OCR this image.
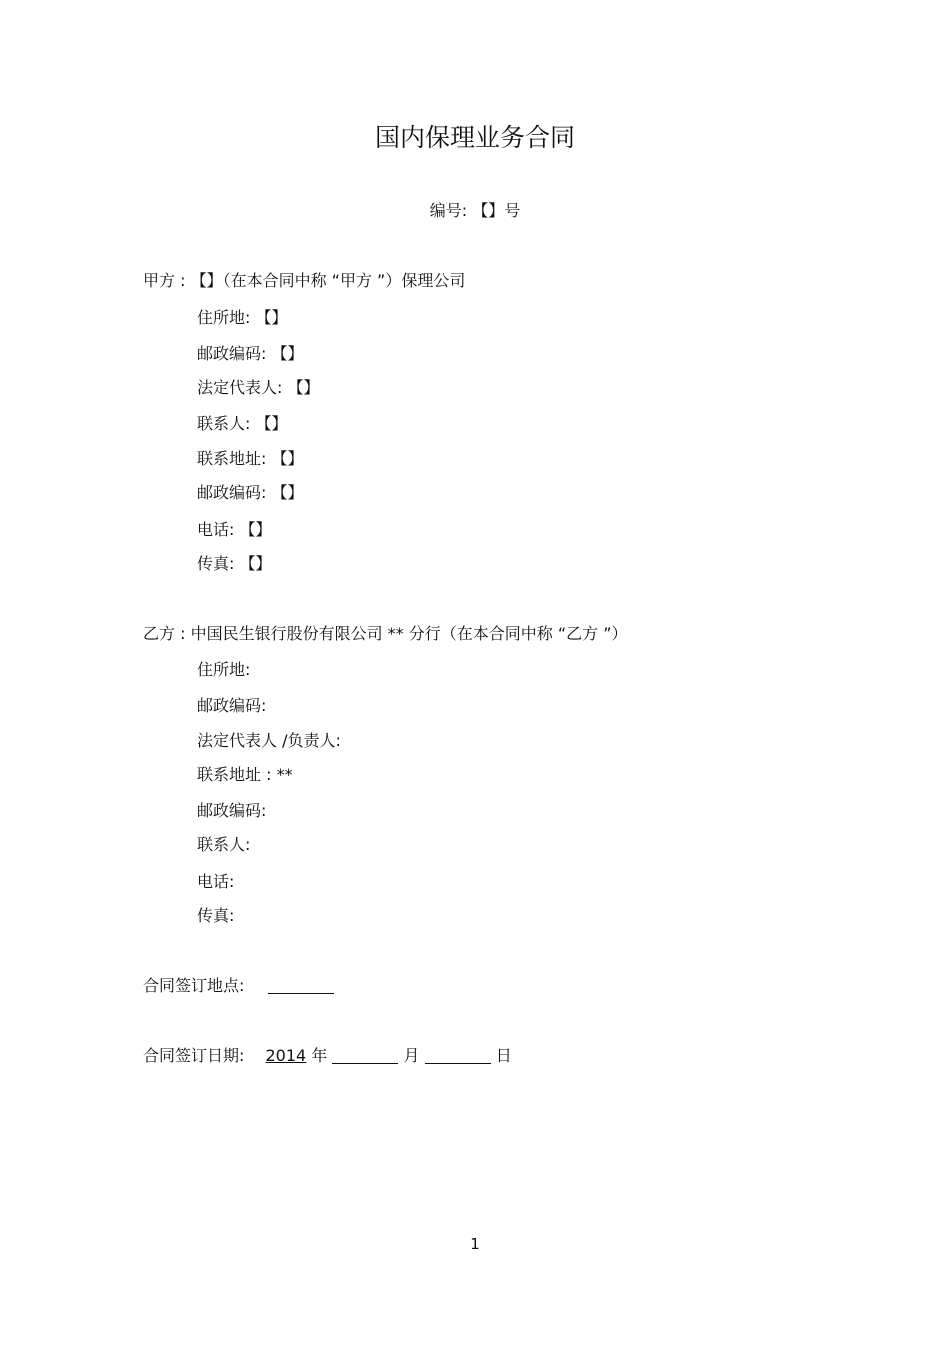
国内保理业务合同
编号: 【】号
甲方 : 【】（在本合同中称 “甲方 ”）保理公司
住所地: 【】
邮政编码: 【】
法定代表人: 【】
联系人: 【】
联系地址: 【】
邮政编码: 【】
电话: 【】
传真: 【】
乙方 : 中国民生银行股份有限公司 ** 分行（在本合同中称 “乙方 ”）
住所地:
邮政编码:
法定代表人 /负责人:
联系地址 : **
邮政编码:
联系人:
电话:
传真:
合同签订地点:
合同签订日期: 2014 年	月	日
1
